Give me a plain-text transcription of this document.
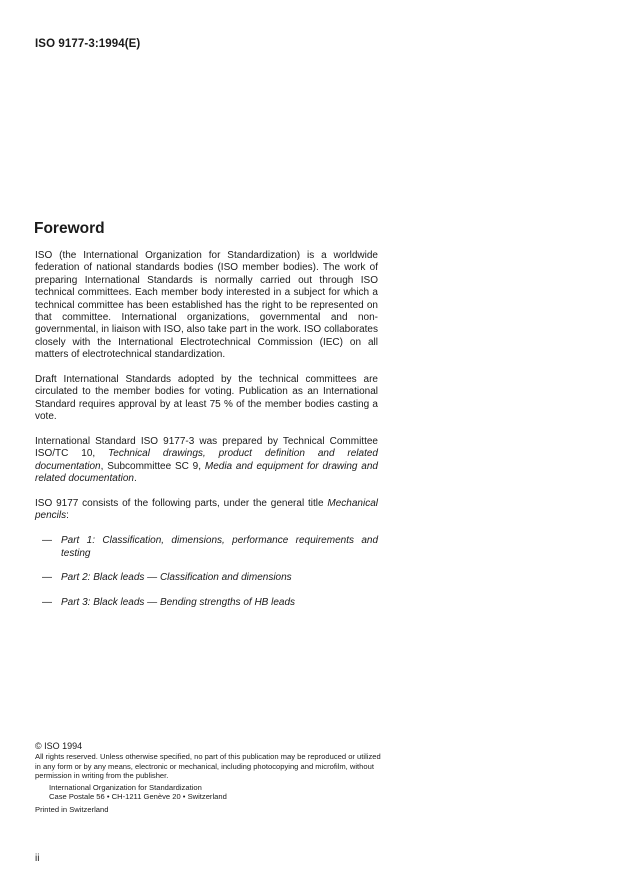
ISO 9177-3:1994(E)
Foreword

ISO (the International Organization for Standardization) is a worldwide federation of national standards bodies (ISO member bodies). The work of preparing International Standards is normally carried out through ISO technical committees. Each member body interested in a subject for which a technical committee has been established has the right to be represented on that committee. International organizations, governmental and non-governmental, in liaison with ISO, also take part in the work. ISO collaborates closely with the International Electrotechnical Commission (IEC) on all matters of electrotechnical standardization.

Draft International Standards adopted by the technical committees are circulated to the member bodies for voting. Publication as an International Standard requires approval by at least 75 % of the member bodies casting a vote.

International Standard ISO 9177-3 was prepared by Technical Committee ISO/TC 10, Technical drawings, product definition and related documentation, Subcommittee SC 9, Media and equipment for drawing and related documentation.

ISO 9177 consists of the following parts, under the general title Mechanical pencils:

— Part 1: Classification, dimensions, performance requirements and testing
— Part 2: Black leads — Classification and dimensions
— Part 3: Black leads — Bending strengths of HB leads
© ISO 1994
All rights reserved. Unless otherwise specified, no part of this publication may be reproduced or utilized in any form or by any means, electronic or mechanical, including photocopying and microfilm, without permission in writing from the publisher.
International Organization for Standardization
Case Postale 56 • CH-1211 Genève 20 • Switzerland
Printed in Switzerland
ii
